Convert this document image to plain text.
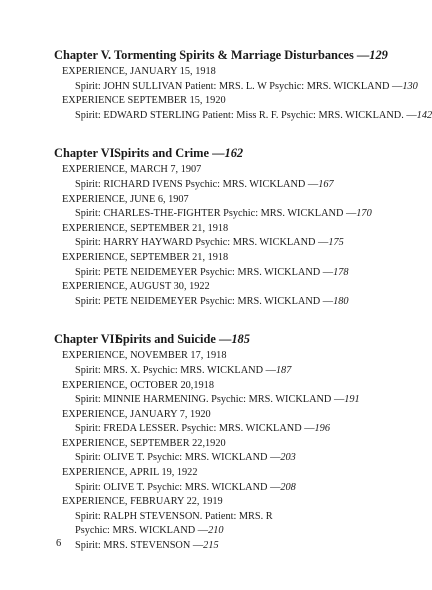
Chapter V. Tormenting Spirits & Marriage Disturbances —129
EXPERIENCE, JANUARY 15, 1918
Spirit: JOHN SULLIVAN Patient: MRS. L. W Psychic: MRS. WICKLAND —130
EXPERIENCE SEPTEMBER 15, 1920
Spirit: EDWARD STERLING Patient: Miss R. F. Psychic: MRS. WICKLAND. —142
Chapter VI.Spirits and Crime —162
EXPERIENCE, MARCH 7, 1907
Spirit: RICHARD IVENS Psychic: MRS. WICKLAND —167
EXPERIENCE, JUNE 6, 1907
Spirit: CHARLES-THE-FIGHTER Psychic: MRS. WICKLAND —170
EXPERIENCE, SEPTEMBER 21, 1918
Spirit: HARRY HAYWARD Psychic: MRS. WICKLAND —175
EXPERIENCE, SEPTEMBER 21, 1918
Spirit: PETE NEIDEMEYER Psychic: MRS. WICKLAND —178
EXPERIENCE, AUGUST 30, 1922
Spirit: PETE NEIDEMEYER Psychic: MRS. WICKLAND —180
Chapter VII.Spirits and Suicide —185
EXPERIENCE, NOVEMBER 17, 1918
Spirit: MRS. X. Psychic: MRS. WICKLAND —187
EXPERIENCE, OCTOBER 20,1918
Spirit: MINNIE HARMENING. Psychic: MRS. WICKLAND —191
EXPERIENCE, JANUARY 7, 1920
Spirit: FREDA LESSER. Psychic: MRS. WICKLAND —196
EXPERIENCE, SEPTEMBER 22,1920
Spirit: OLIVE T. Psychic: MRS. WICKLAND —203
EXPERIENCE, APRIL 19, 1922
Spirit: OLIVE T. Psychic: MRS. WICKLAND —208
EXPERIENCE, FEBRUARY 22, 1919
Spirit: RALPH STEVENSON. Patient: MRS. R
Psychic: MRS. WICKLAND —210
Spirit: MRS. STEVENSON —215
6
